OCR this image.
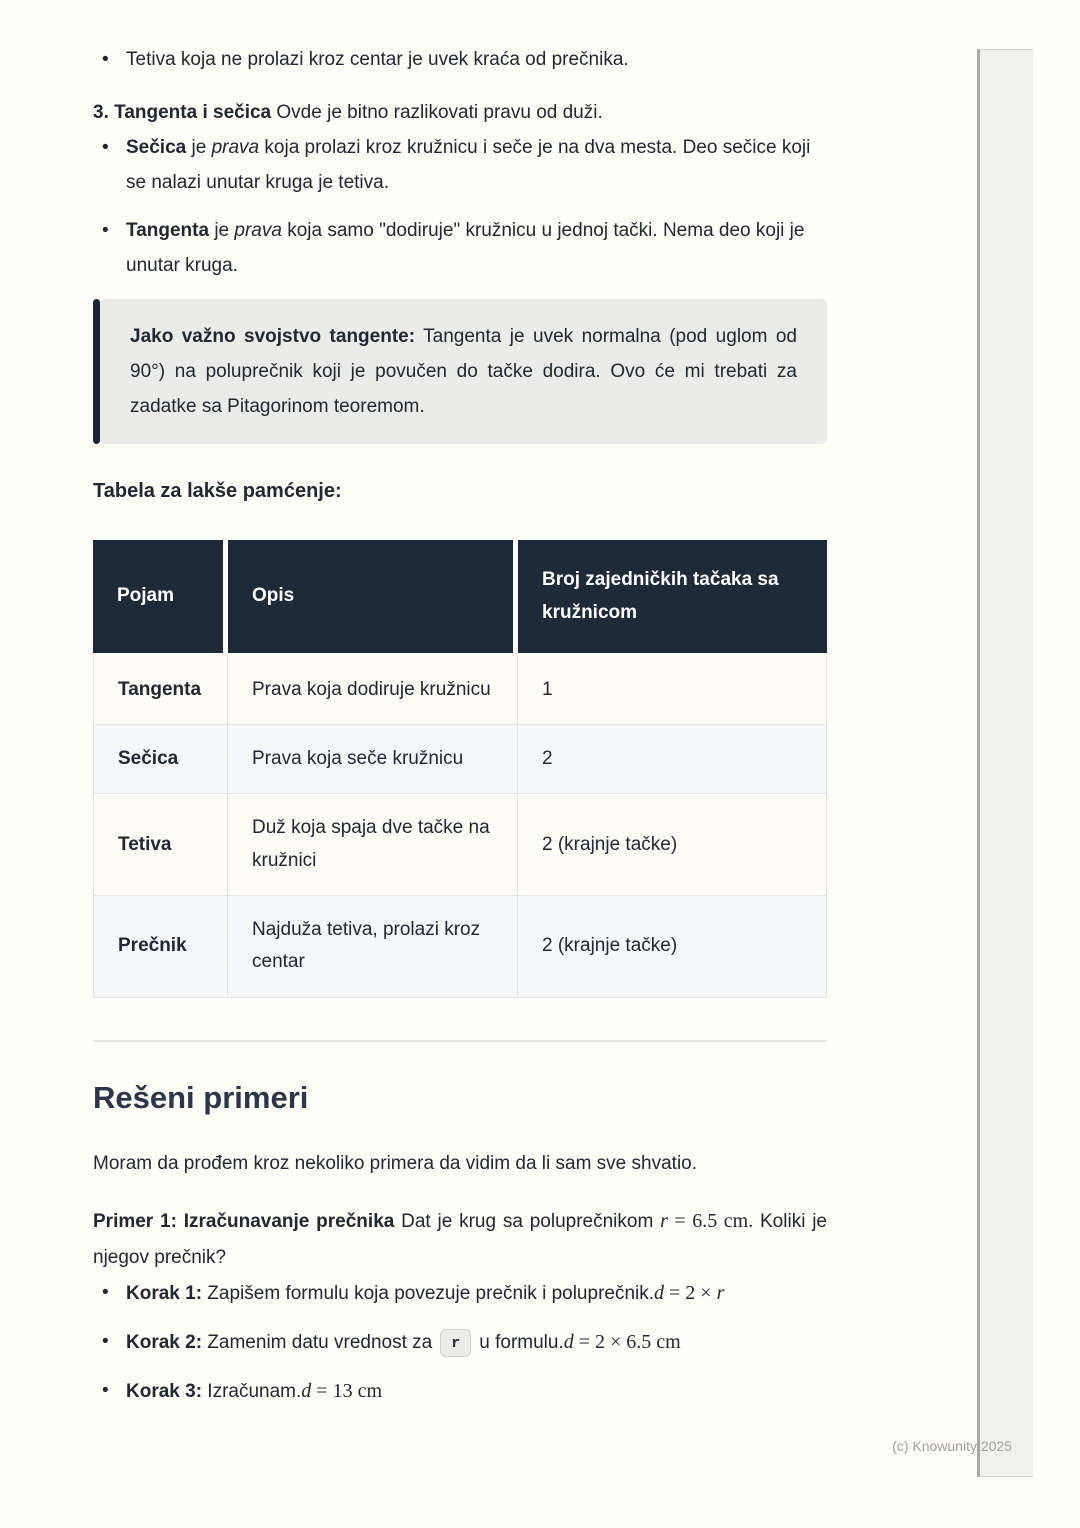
• Tetiva koja ne prolazi kroz centar je uvek kraća od prečnika.

3. Tangenta i sečica Ovde je bitno razlikovati pravu od duži.

• Sečica je prava koja prolazi kroz kružnicu i seče je na dva mesta. Deo sečice koji se nalazi unutar kruga je tetiva.
• Tangenta je prava koja samo "dodiruje" kružnicu u jednoj tački. Nema deo koji je unutar kruga.

Jako važno svojstvo tangente: Tangenta je uvek normalna (pod uglom od 90°) na poluprečnik koji je povučen do tačke dodira. Ovo će mi trebati za zadatke sa Pitagorinom teoremom.

Tabela za lakše pamćenje:

Pojam	Opis	Broj zajedničkih tačaka sa kružnicom
Tangenta	Prava koja dodiruje kružnicu	1
Sečica	Prava koja seče kružnicu	2
Tetiva	Duž koja spaja dve tačke na kružnici	2 (krajnje tačke)
Prečnik	Najduža tetiva, prolazi kroz centar	2 (krajnje tačke)
Rešeni primeri

Moram da prođem kroz nekoliko primera da vidim da li sam sve shvatio.

Primer 1: Izračunavanje prečnika Dat je krug sa poluprečnikom r = 6.5 cm. Koliki je njegov prečnik?

• Korak 1: Zapišem formulu koja povezuje prečnik i poluprečnik.d = 2 × r
• Korak 2: Zamenim datu vrednost za r u formulu.d = 2 × 6.5 cm
• Korak 3: Izračunam.d = 13 cm
(c) Knowunity 2025
